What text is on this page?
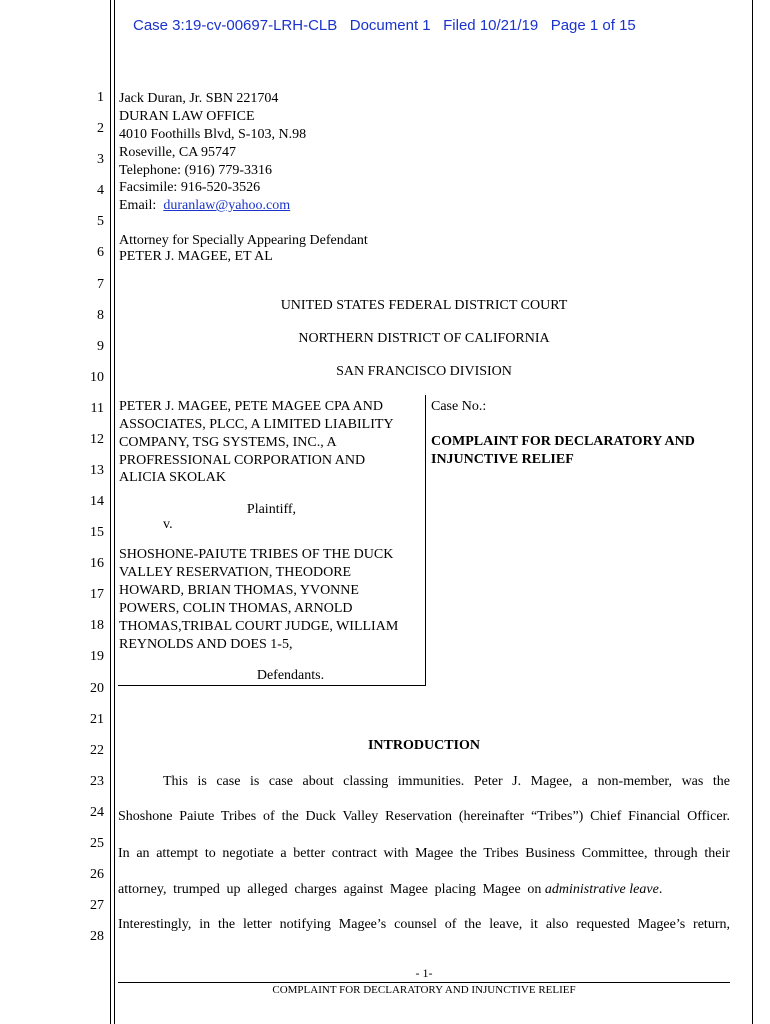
Case 3:19-cv-00697-LRH-CLB   Document 1   Filed 10/21/19   Page 1 of 15
1
2
3
4
5
6
7
8
9
10
11
12
13
14
15
16
17
18
19
20
21
22
23
24
25
26
27
28
Jack Duran, Jr. SBN 221704
DURAN LAW OFFICE
4010 Foothills Blvd, S-103, N.98
Roseville, CA 95747
Telephone: (916) 779-3316
Facsimile: 916-520-3526
Email: duranlaw@yahoo.com
Attorney for Specially Appearing Defendant
PETER J. MAGEE, ET AL
UNITED STATES FEDERAL DISTRICT COURT
NORTHERN DISTRICT OF CALIFORNIA
SAN FRANCISCO DIVISION
PETER J. MAGEE, PETE MAGEE CPA AND
ASSOCIATES, PLCC, A LIMITED LIABILITY
COMPANY, TSG SYSTEMS, INC., A
PROFRESSIONAL CORPORATION AND
ALICIA SKOLAK
Plaintiff,
v.
SHOSHONE-PAIUTE TRIBES OF THE DUCK
VALLEY RESERVATION, THEODORE
HOWARD, BRIAN THOMAS, YVONNE
POWERS, COLIN THOMAS, ARNOLD
THOMAS,TRIBAL COURT JUDGE, WILLIAM
REYNOLDS AND DOES 1-5,
Defendants.
Case No.:
COMPLAINT FOR DECLARATORY AND
INJUNCTIVE RELIEF
INTRODUCTION
This is case is case about classing immunities. Peter J. Magee, a non-member, was the
Shoshone Paiute Tribes of the Duck Valley Reservation (hereinafter “Tribes”) Chief Financial Officer.
In an attempt to negotiate a better contract with Magee the Tribes Business Committee, through their
attorney, trumped up alleged charges against Magee placing Magee on administrative leave.
Interestingly, in the letter notifying Magee’s counsel of the leave, it also requested Magee’s return,
- 1-
COMPLAINT FOR DECLARATORY AND INJUNCTIVE RELIEF
